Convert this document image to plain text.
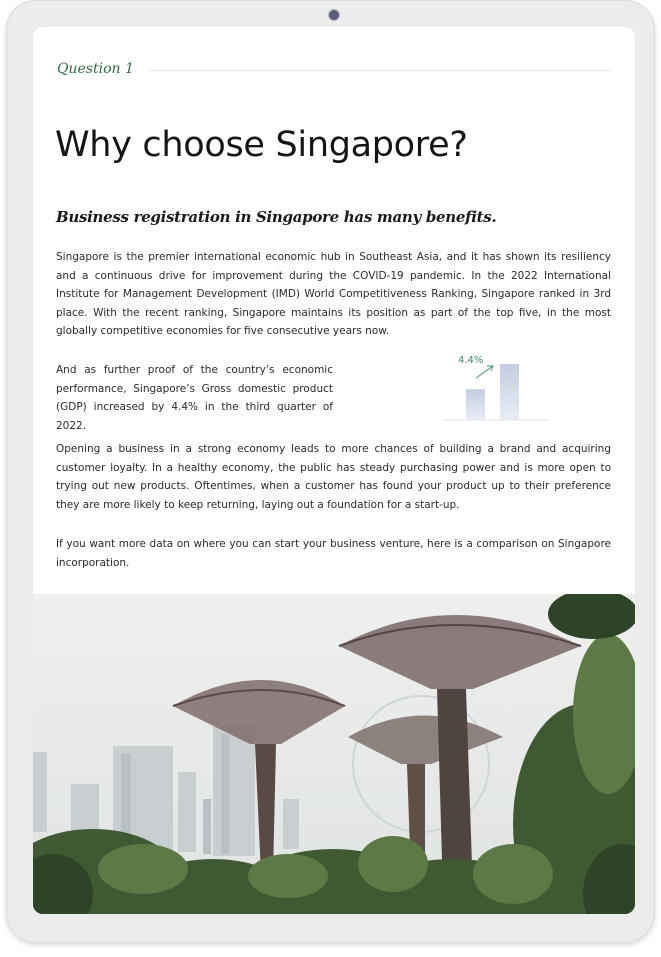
Question 1
Why choose Singapore?
Business registration in Singapore has many benefits.

Singapore is the premier international economic hub in Southeast Asia, and it has shown its resiliency and a continuous drive for improvement during the COVID-19 pandemic. In the 2022 International Institute for Management Development (IMD) World Competitiveness Ranking, Singapore ranked in 3rd place. With the recent ranking, Singapore maintains its position as part of the top five, in the most globally competitive economies for five consecutive years now.

And as further proof of the country’s economic performance, Singapore’s Gross domestic product (GDP) increased by 4.4% in the third quarter of 2022.

4.4%

Opening a business in a strong economy leads to more chances of building a brand and acquiring customer loyalty. In a healthy economy, the public has steady purchasing power and is more open to trying out new products. Oftentimes, when a customer has found your product up to their preference they are more likely to keep returning, laying out a foundation for a start-up.

If you want more data on where you can start your business venture, here is a comparison on Singapore incorporation.
